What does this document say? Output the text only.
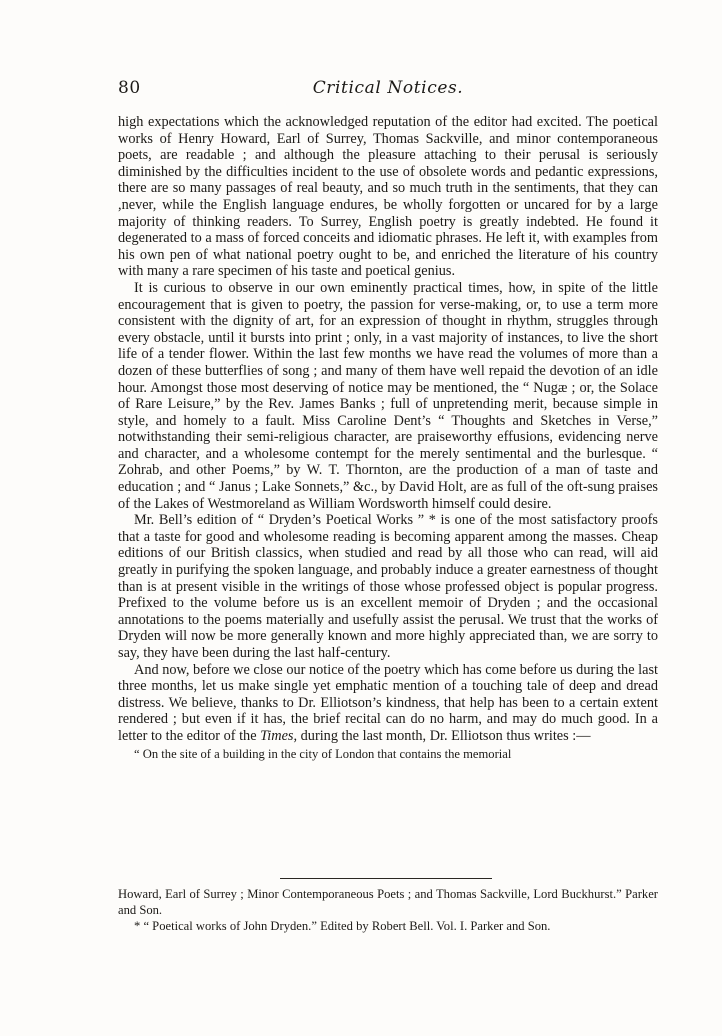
80	Critical Notices.

high expectations which the acknowledged reputation of the editor had excited. The poetical works of Henry Howard, Earl of Surrey, Thomas Sackville, and minor contemporaneous poets, are readable ; and although the pleasure attaching to their perusal is seriously diminished by the difficulties incident to the use of obsolete words and pedantic expressions, there are so many passages of real beauty, and so much truth in the sentiments, that they can ,never, while the English language endures, be wholly forgotten or uncared for by a large majority of thinking readers. To Surrey, English poetry is greatly indebted. He found it degenerated to a mass of forced conceits and idiomatic phrases. He left it, with examples from his own pen of what national poetry ought to be, and enriched the literature of his country with many a rare specimen of his taste and poetical genius.

It is curious to observe in our own eminently practical times, how, in spite of the little encouragement that is given to poetry, the passion for verse-making, or, to use a term more consistent with the dignity of art, for an expression of thought in rhythm, struggles through every obstacle, until it bursts into print ; only, in a vast majority of instances, to live the short life of a tender flower. Within the last few months we have read the volumes of more than a dozen of these butterflies of song ; and many of them have well repaid the devotion of an idle hour. Amongst those most deserving of notice may be mentioned, the “ Nugæ ; or, the Solace of Rare Leisure,” by the Rev. James Banks ; full of unpretending merit, because simple in style, and homely to a fault. Miss Caroline Dent’s “ Thoughts and Sketches in Verse,” notwithstanding their semi-religious character, are praiseworthy effusions, evidencing nerve and character, and a wholesome contempt for the merely sentimental and the burlesque. “ Zohrab, and other Poems,” by W. T. Thornton, are the production of a man of taste and education ; and “ Janus ; Lake Sonnets,” &c., by David Holt, are as full of the oft-sung praises of the Lakes of Westmoreland as William Wordsworth himself could desire.

Mr. Bell’s edition of “ Dryden’s Poetical Works ” * is one of the most satisfactory proofs that a taste for good and wholesome reading is becoming apparent among the masses. Cheap editions of our British classics, when studied and read by all those who can read, will aid greatly in purifying the spoken language, and probably induce a greater earnestness of thought than is at present visible in the writings of those whose professed object is popular progress. Prefixed to the volume before us is an excellent memoir of Dryden ; and the occasional annotations to the poems materially and usefully assist the perusal. We trust that the works of Dryden will now be more generally known and more highly appreciated than, we are sorry to say, they have been during the last half-century.

And now, before we close our notice of the poetry which has come before us during the last three months, let us make single yet emphatic mention of a touching tale of deep and dread distress. We believe, thanks to Dr. Elliotson’s kindness, that help has been to a certain extent rendered ; but even if it has, the brief recital can do no harm, and may do much good. In a letter to the editor of the Times, during the last month, Dr. Elliotson thus writes :—

“ On the site of a building in the city of London that contains the memorial

Howard, Earl of Surrey ; Minor Contemporaneous Poets ; and Thomas Sackville, Lord Buckhurst.” Parker and Son.

* “ Poetical works of John Dryden.” Edited by Robert Bell. Vol. I. Parker and Son.
